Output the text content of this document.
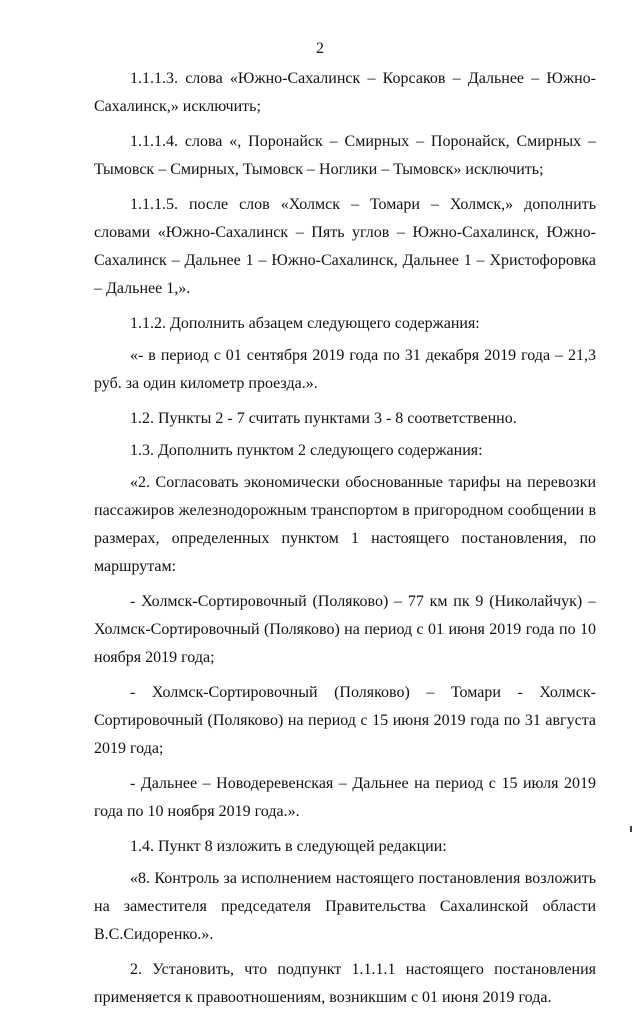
2

1.1.1.3. слова «Южно-Сахалинск – Корсаков – Дальнее – Южно-Сахалинск,» исключить;

1.1.1.4. слова «, Поронайск – Смирных – Поронайск, Смирных – Тымовск – Смирных, Тымовск – Ноглики – Тымовск» исключить;

1.1.1.5. после слов «Холмск – Томари – Холмск,» дополнить словами «Южно-Сахалинск – Пять углов – Южно-Сахалинск, Южно-Сахалинск – Дальнее 1 – Южно-Сахалинск, Дальнее 1 – Христофоровка – Дальнее 1,».

1.1.2. Дополнить абзацем следующего содержания:

«- в период с 01 сентября 2019 года по 31 декабря 2019 года – 21,3 руб. за один километр проезда.».

1.2. Пункты 2 - 7 считать пунктами 3 - 8 соответственно.

1.3. Дополнить пунктом 2 следующего содержания:

«2. Согласовать экономически обоснованные тарифы на перевозки пассажиров железнодорожным транспортом в пригородном сообщении в размерах, определенных пунктом 1 настоящего постановления, по маршрутам:

- Холмск-Сортировочный (Поляково) – 77 км пк 9 (Николайчук) – Холмск-Сортировочный (Поляково) на период с 01 июня 2019 года по 10 ноября 2019 года;

- Холмск-Сортировочный (Поляково) – Томари - Холмск-Сортировочный (Поляково) на период с 15 июня 2019 года по 31 августа 2019 года;

- Дальнее – Новодеревенская – Дальнее на период с 15 июля 2019 года по 10 ноября 2019 года.».

1.4. Пункт 8 изложить в следующей редакции:

«8. Контроль за исполнением настоящего постановления возложить на заместителя председателя Правительства Сахалинской области В.С.Сидоренко.».

2. Установить, что подпункт 1.1.1.1 настоящего постановления применяется к правоотношениям, возникшим с 01 июня 2019 года.
